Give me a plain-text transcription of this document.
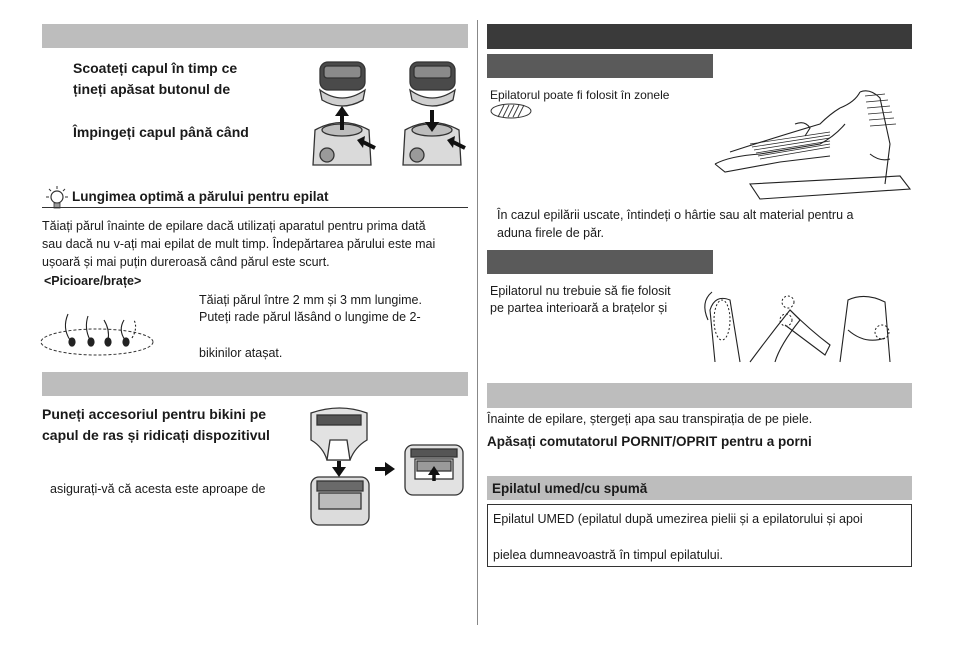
Scoateți capul în timp ce
țineți apăsat butonul de
Împingeți capul până când
Lungimea optimă a părului pentru epilat
Tăiați părul înainte de epilare dacă utilizați aparatul pentru prima dată
sau dacă nu v-ați mai epilat de mult timp. Îndepărtarea părului este mai
ușoară și mai puțin dureroasă când părul este scurt.
<Picioare/brațe>
Tăiați părul între 2 mm și 3 mm lungime.
Puteți rade părul lăsând o lungime de 2-
bikinilor atașat.
Puneți accesoriul pentru bikini pe
capul de ras și ridicați dispozitivul
asigurați-vă că acesta este aproape de
Epilatorul poate fi folosit în zonele
În cazul epilării uscate, întindeți o hârtie sau alt material pentru a
aduna firele de păr.
Epilatorul nu trebuie să fie folosit
pe partea interioară a brațelor și
Înainte de epilare, ștergeți apa sau transpirația de pe piele.
Apăsați comutatorul PORNIT/OPRIT pentru a porni
Epilatul umed/cu spumă
Epilatul UMED (epilatul după umezirea pielii și a epilatorului și apoi
pielea dumneavoastră în timpul epilatului.
